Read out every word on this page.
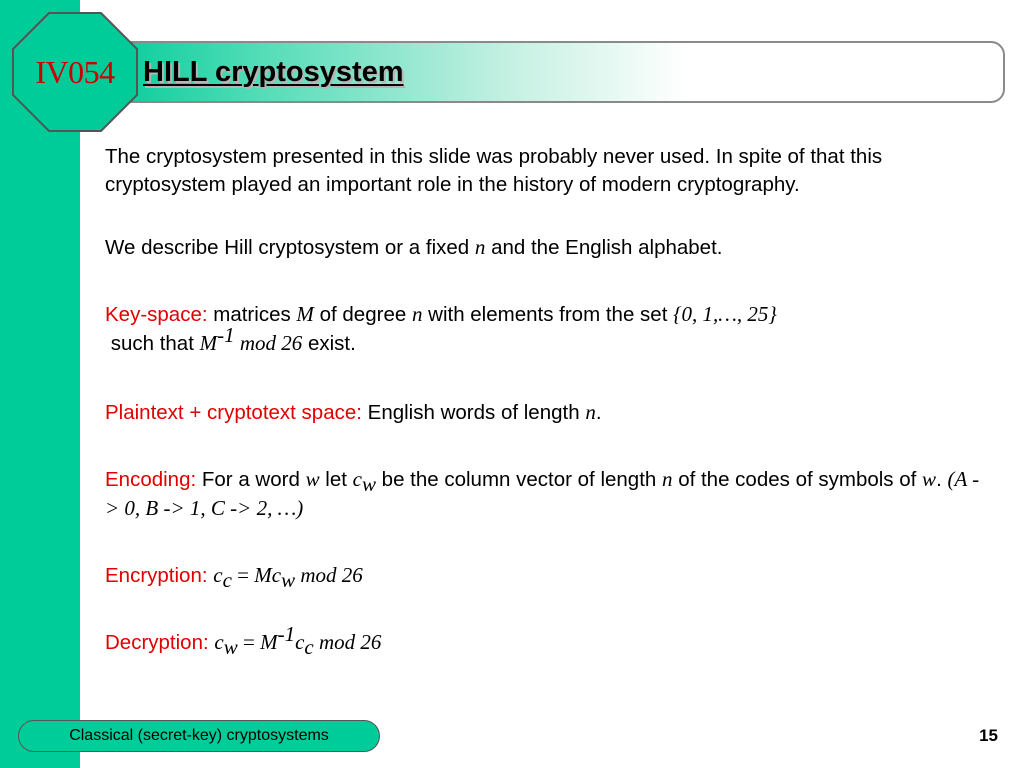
IV054 HILL cryptosystem

The cryptosystem presented in this slide was probably never used. In spite of that this cryptosystem played an important role in the history of modern cryptography.

We describe Hill cryptosystem or a fixed n and the English alphabet.

Key-space: matrices M of degree n with elements from the set {0, 1,…, 25}
such that $M^{-1}$ mod 26 exist.

Plaintext + cryptotext space: English words of length n.

Encoding: For a word w let $c_w$ be the column vector of length n of the codes of symbols of w. (A -> 0, B -> 1, C -> 2, …)

Encryption: $c_c = Mc_w$ mod 26

Decryption: $c_w = M^{-1}c_c$ mod 26

Classical (secret-key) cryptosystems	15
